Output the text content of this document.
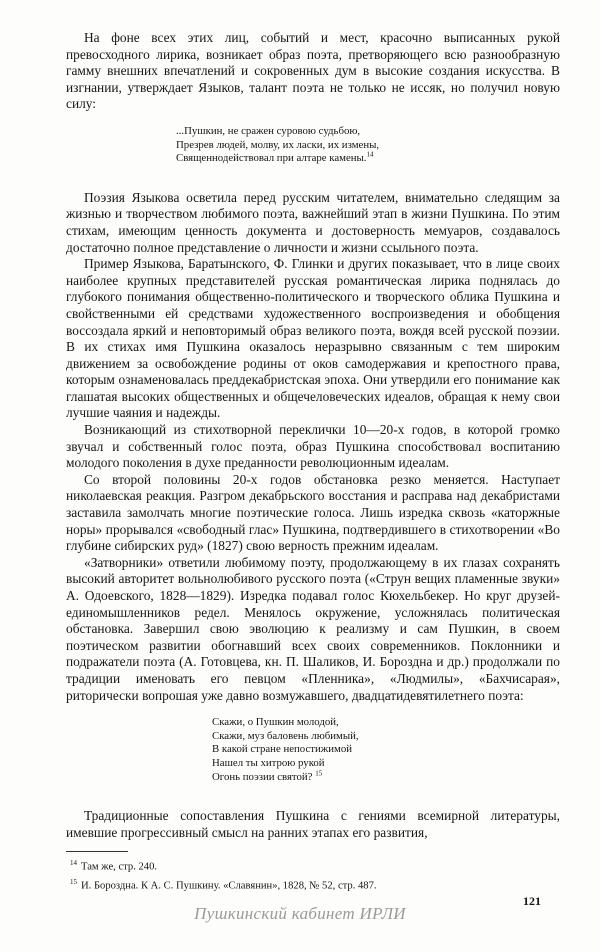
На фоне всех этих лиц, событий и мест, красочно выписанных рукой превосходного лирика, возникает образ поэта, претворяющего всю разнообразную гамму внешних впечатлений и сокровенных дум в высокие создания искусства. В изгнании, утверждает Языков, талант поэта не только не иссяк, но получил новую силу:

...Пушкин, не сражен суровою судьбою,
Презрев людей, молву, их ласки, их измены,
Священнодействовал при алтаре камены.$^{14}$

Поэзия Языкова осветила перед русским читателем, внимательно следящим за жизнью и творчеством любимого поэта, важнейший этап в жизни Пушкина. По этим стихам, имеющим ценность документа и достоверность мемуаров, создавалось достаточно полное представление о личности и жизни ссыльного поэта.

Пример Языкова, Баратынского, Ф. Глинки и других показывает, что в лице своих наиболее крупных представителей русская романтическая лирика поднялась до глубокого понимания общественно-политического и творческого облика Пушкина и свойственными ей средствами художественного воспроизведения и обобщения воссоздала яркий и неповторимый образ великого поэта, вождя всей русской поэзии. В их стихах имя Пушкина оказалось неразрывно связанным с тем широким движением за освобождение родины от оков самодержавия и крепостного права, которым ознаменовалась преддекабристская эпоха. Они утвердили его понимание как глашатая высоких общественных и общечеловеческих идеалов, обращая к нему свои лучшие чаяния и надежды.

Возникающий из стихотворной переклички 10—20-х годов, в которой громко звучал и собственный голос поэта, образ Пушкина способствовал воспитанию молодого поколения в духе преданности революционным идеалам.

Со второй половины 20-х годов обстановка резко меняется. Наступает николаевская реакция. Разгром декабрьского восстания и расправа над декабристами заставила замолчать многие поэтические голоса. Лишь изредка сквозь «каторжные норы» прорывался «свободный глас» Пушкина, подтвердившего в стихотворении «Во глубине сибирских руд» (1827) свою верность прежним идеалам.

«Затворники» ответили любимому поэту, продолжающему в их глазах сохранять высокий авторитет вольнолюбивого русского поэта («Струн вещих пламенные звуки» А. Одоевского, 1828—1829). Изредка подавал голос Кюхельбекер. Но круг друзей-единомышленников редел. Менялось окружение, усложнялась политическая обстановка. Завершил свою эволюцию к реализму и сам Пушкин, в своем поэтическом развитии обогнавший всех своих современников. Поклонники и подражатели поэта (А. Готовцева, кн. П. Шаликов, И. Бороздна и др.) продолжали по традиции именовать его певцом «Пленника», «Людмилы», «Бахчисарая», риторически вопрошая уже давно возмужавшего, двадцатидевятилетнего поэта:

Скажи, о Пушкин молодой,
Скажи, муз баловень любимый,
В какой стране непостижимой
Нашел ты хитрою рукой
Огонь поэзии святой? $^{15}$

Традиционные сопоставления Пушкина с гениями всемирной литературы, имевшие прогрессивный смысл на ранних этапах его развития,

$^{14}$ Там же, стр. 240.

$^{15}$ И. Бороздна. К А. С. Пушкину. «Славянин», 1828, № 52, стр. 487.

121
Пушкинский кабинет ИРЛИ
